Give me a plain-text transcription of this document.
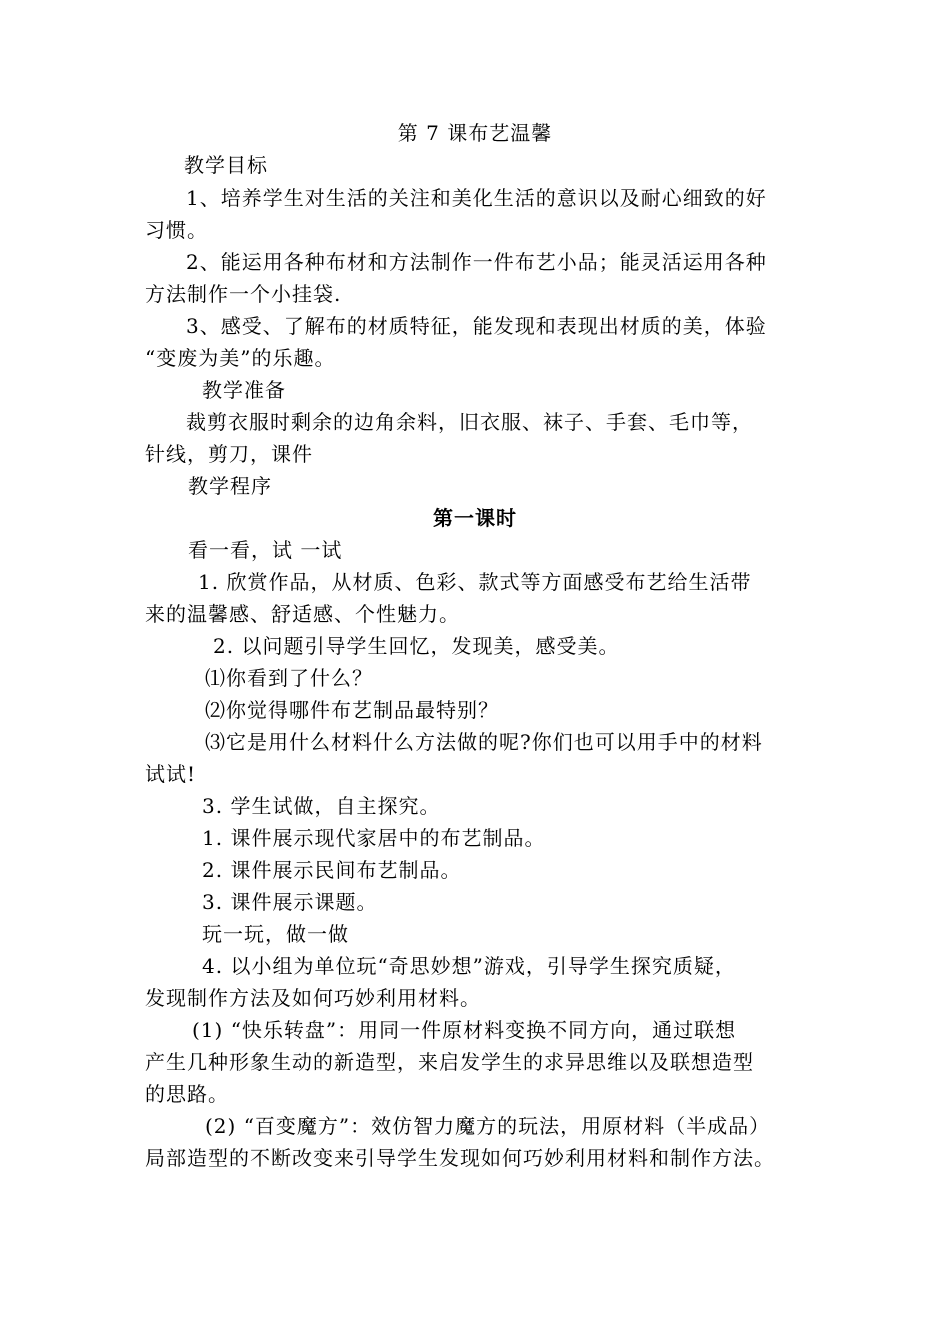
第 7 课布艺温馨
教学目标
1、培养学生对生活的关注和美化生活的意识以及耐心细致的好
习惯。
2、能运用各种布材和方法制作一件布艺小品；能灵活运用各种
方法制作一个小挂袋.
3、感受、了解布的材质特征，能发现和表现出材质的美，体验
“变废为美”的乐趣。
教学准备
裁剪衣服时剩余的边角余料，旧衣服、袜子、手套、毛巾等，
针线，剪刀，课件
教学程序
第一课时
看一看，试 一试
1. 欣赏作品，从材质、色彩、款式等方面感受布艺给生活带
来的温馨感、舒适感、个性魅力。
2. 以问题引导学生回忆，发现美，感受美。
⑴你看到了什么？
⑵你觉得哪件布艺制品最特别？
⑶它是用什么材料什么方法做的呢?你们也可以用手中的材料
试试!
3. 学生试做，自主探究。
1. 课件展示现代家居中的布艺制品。
2. 课件展示民间布艺制品。
3. 课件展示课题。
玩一玩，做一做
4. 以小组为单位玩“奇思妙想”游戏，引导学生探究质疑，
发现制作方法及如何巧妙利用材料。
(1) “快乐转盘”：用同一件原材料变换不同方向，通过联想
产生几种形象生动的新造型，来启发学生的求异思维以及联想造型
的思路。
(2) “百变魔方”：效仿智力魔方的玩法，用原材料（半成品）
局部造型的不断改变来引导学生发现如何巧妙利用材料和制作方法。
